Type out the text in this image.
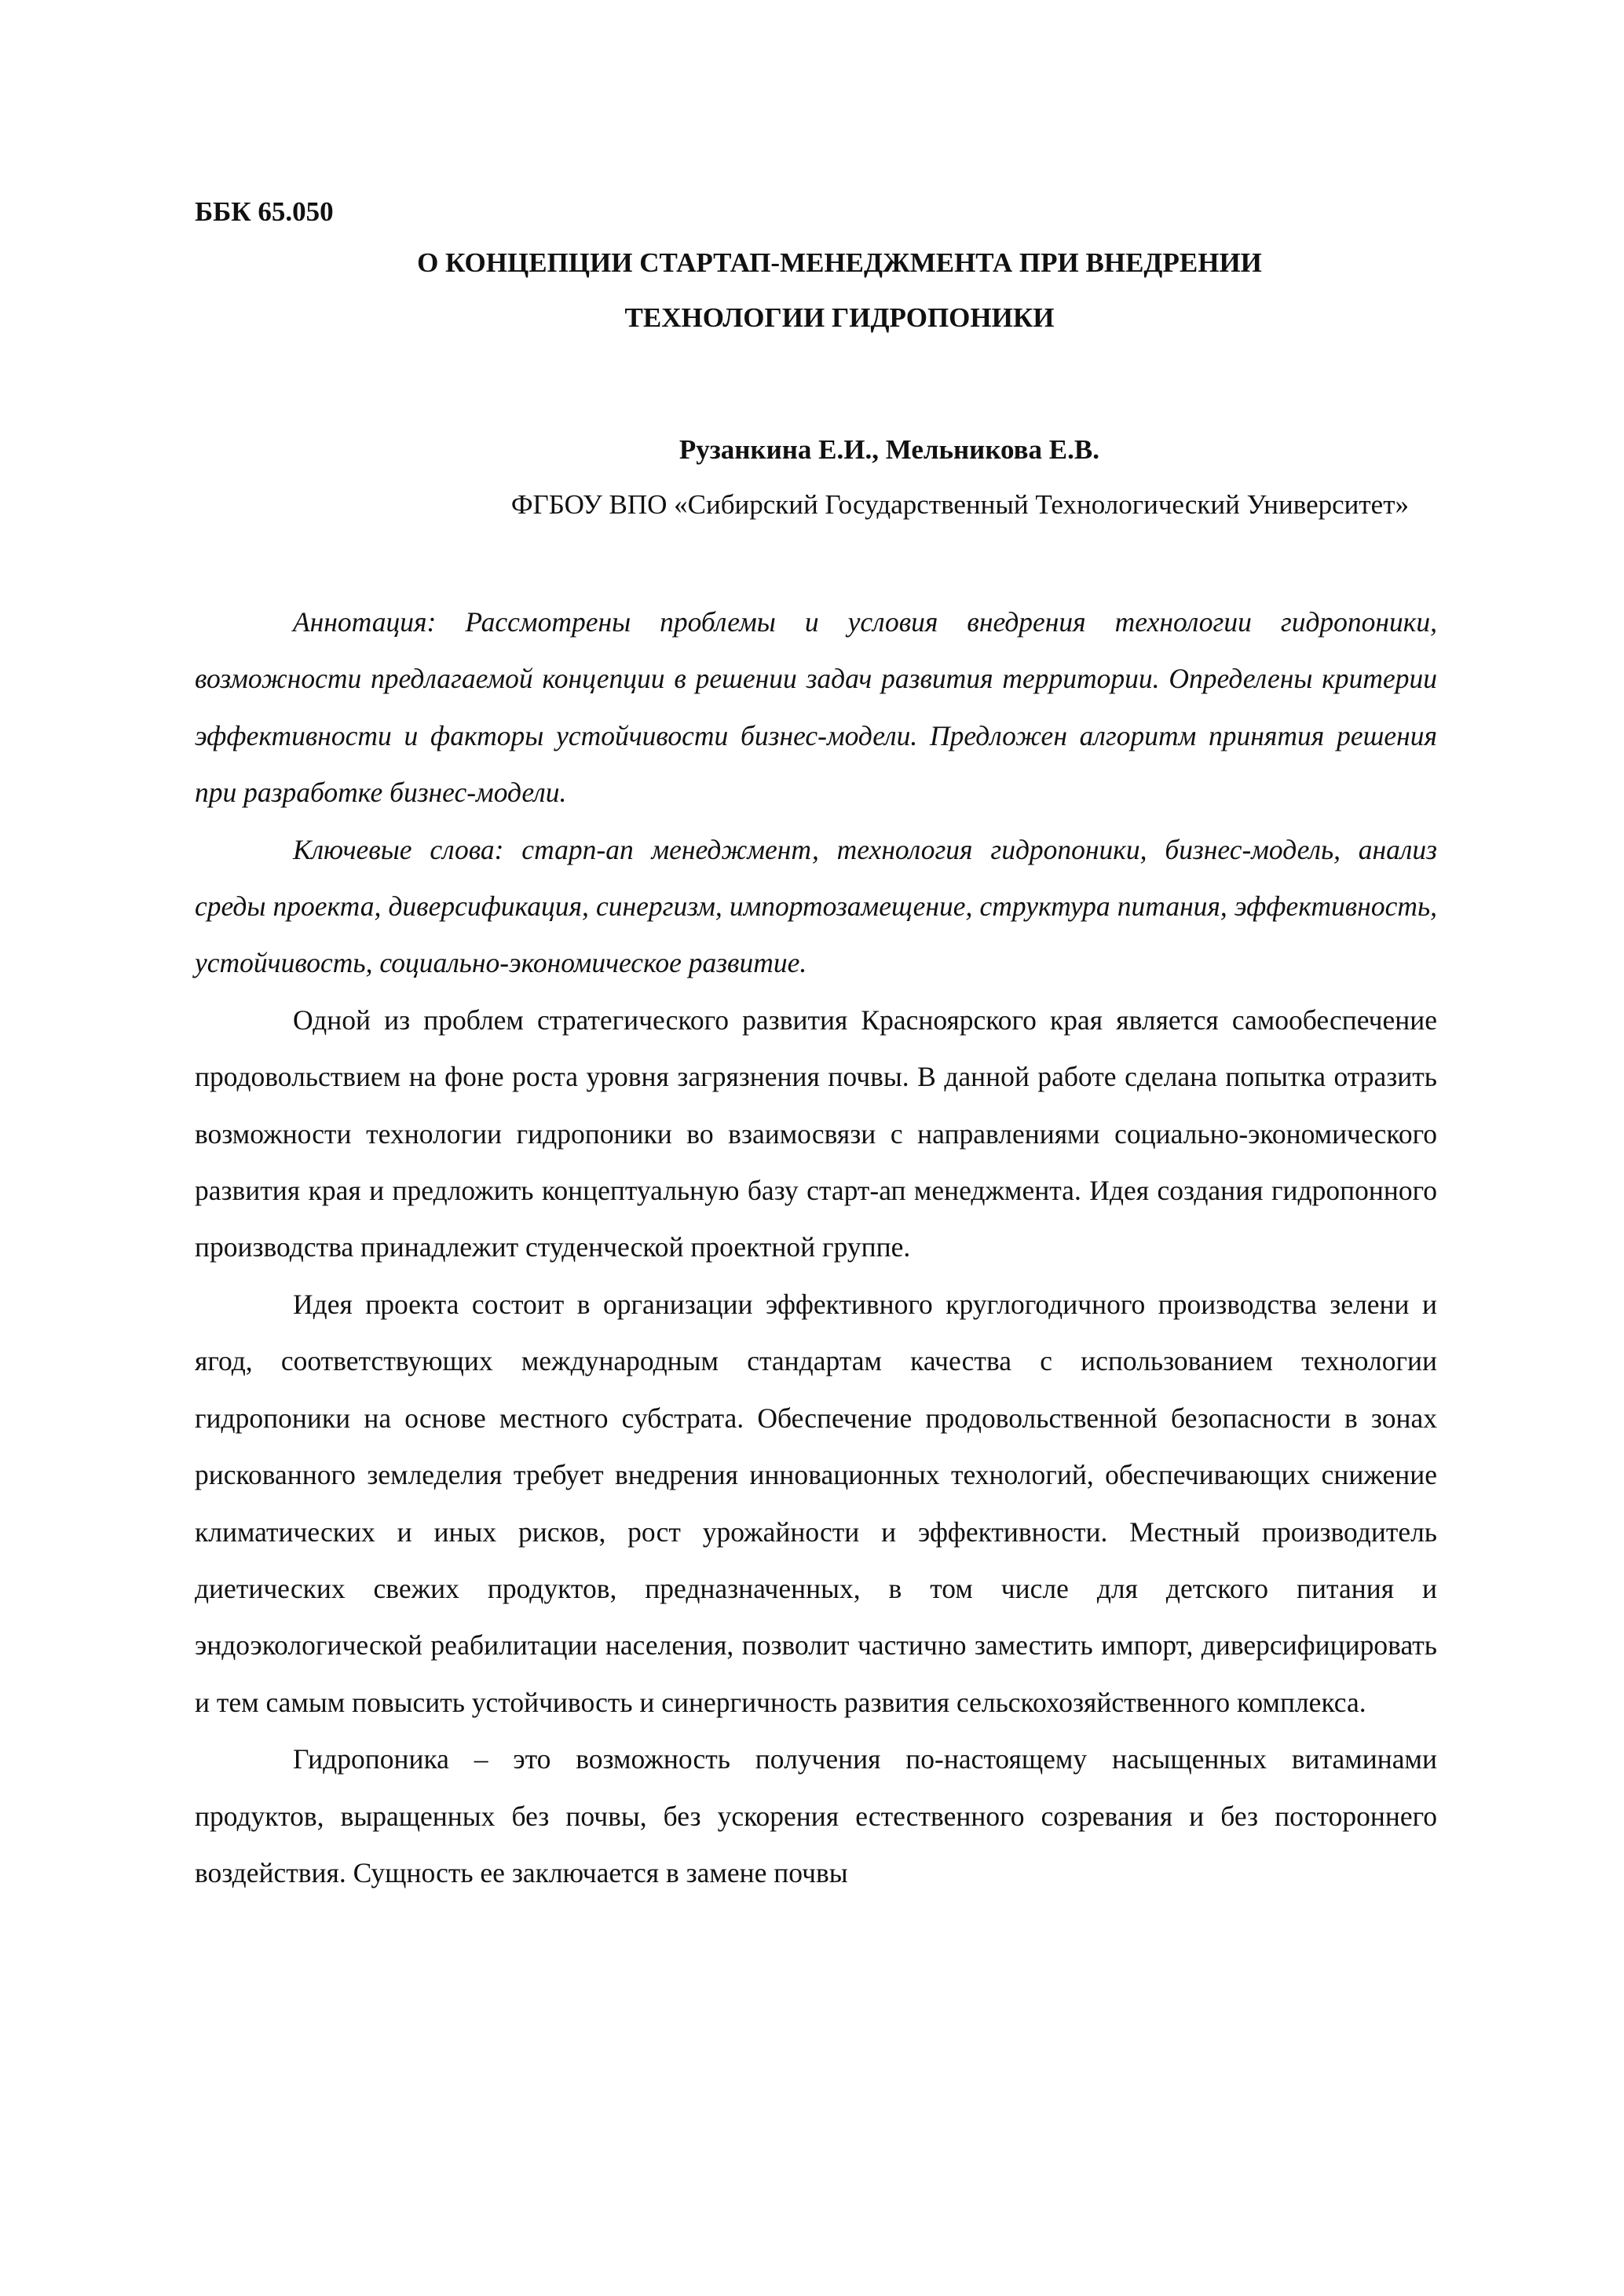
ББК 65.050

О КОНЦЕПЦИИ СТАРТАП-МЕНЕДЖМЕНТА ПРИ ВНЕДРЕНИИ
ТЕХНОЛОГИИ ГИДРОПОНИКИ
Рузанкина Е.И., Мельникова Е.В.
ФГБОУ ВПО «Сибирский Государственный Технологический Университет»

Аннотация: Рассмотрены проблемы и условия внедрения технологии гидропоники, возможности предлагаемой концепции в решении задач развития территории. Определены критерии эффективности и факторы устойчивости бизнес-модели. Предложен алгоритм принятия решения при разработке бизнес-модели.

Ключевые слова: старп-ап менеджмент, технология гидропоники, бизнес-модель, анализ среды проекта, диверсификация, синергизм, импортозамещение, структура питания, эффективность, устойчивость, социально-экономическое развитие.

Одной из проблем стратегического развития Красноярского края является самообеспечение продовольствием на фоне роста уровня загрязнения почвы. В данной работе сделана попытка отразить возможности технологии гидропоники во взаимосвязи с направлениями социально-экономического развития края и предложить концептуальную базу старт-ап менеджмента. Идея создания гидропонного производства принадлежит студенческой проектной группе.

Идея проекта состоит в организации эффективного круглогодичного производства зелени и ягод, соответствующих международным стандартам качества с использованием технологии гидропоники на основе местного субстрата. Обеспечение продовольственной безопасности в зонах рискованного земледелия требует внедрения инновационных технологий, обеспечивающих снижение климатических и иных рисков, рост урожайности и эффективности. Местный производитель диетических свежих продуктов, предназначенных, в том числе для детского питания и эндоэкологической реабилитации населения, позволит частично заместить импорт, диверсифицировать и тем самым повысить устойчивость и синергичность развития сельскохозяйственного комплекса.

Гидропоника – это возможность получения по-настоящему насыщенных витаминами продуктов, выращенных без почвы, без ускорения естественного созревания и без постороннего воздействия. Сущность ее заключается в замене почвы
